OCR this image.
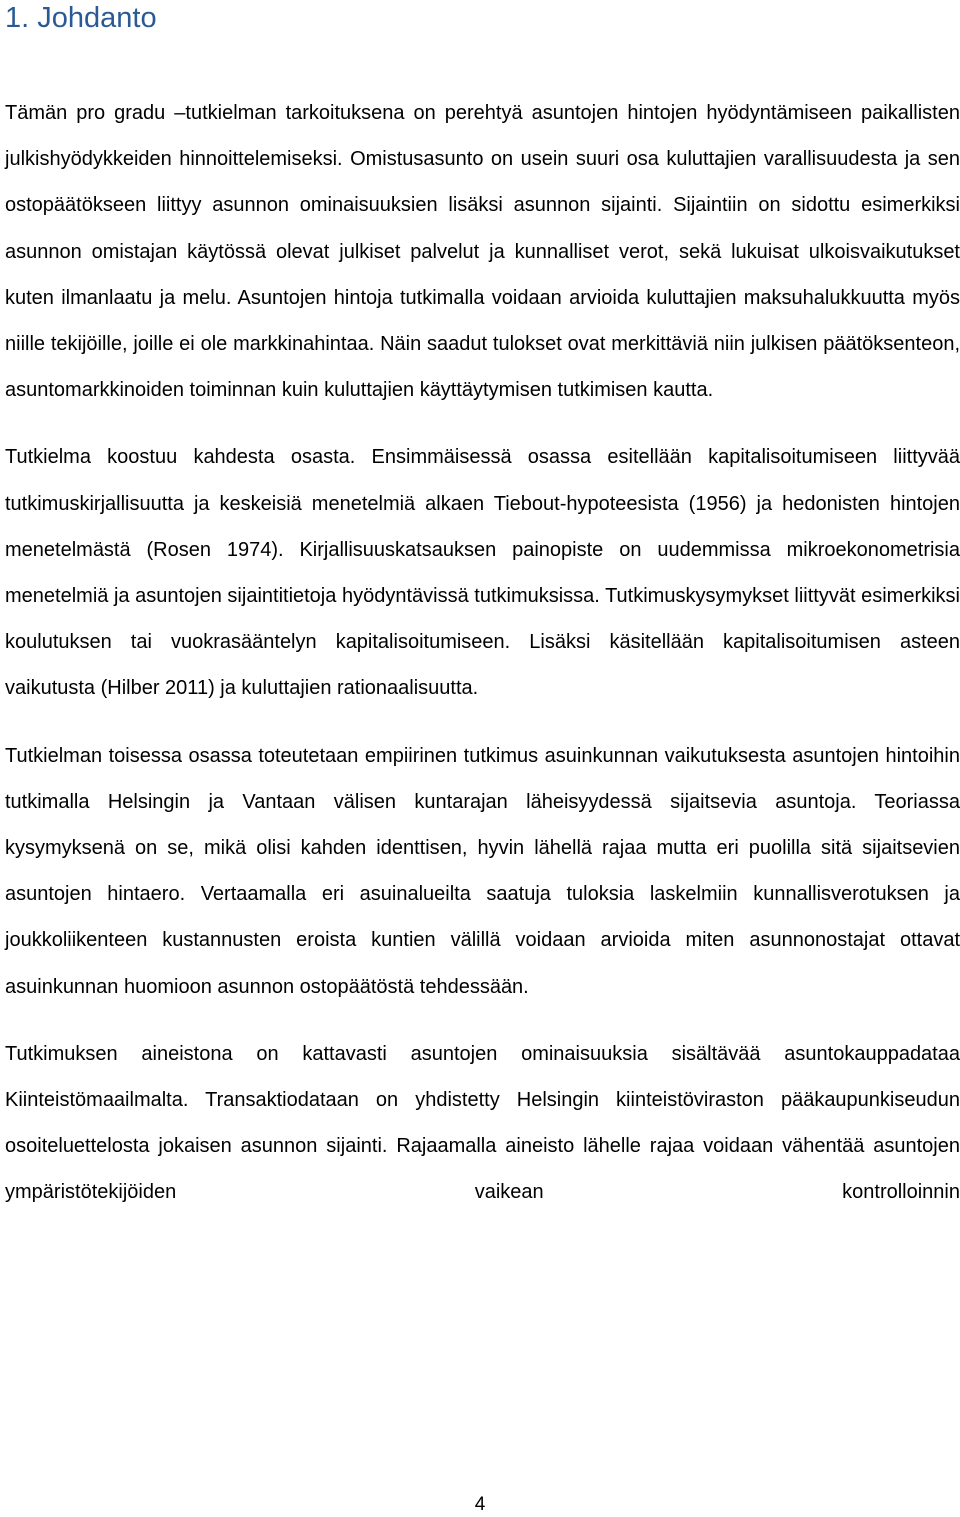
1. Johdanto

Tämän pro gradu –tutkielman tarkoituksena on perehtyä asuntojen hintojen hyödyntämiseen paikallisten julkishyödykkeiden hinnoittelemiseksi. Omistusasunto on usein suuri osa kuluttajien varallisuudesta ja sen ostopäätökseen liittyy asunnon ominaisuuksien lisäksi asunnon sijainti. Sijaintiin on sidottu esimerkiksi asunnon omistajan käytössä olevat julkiset palvelut ja kunnalliset verot, sekä lukuisat ulkoisvaikutukset kuten ilmanlaatu ja melu. Asuntojen hintoja tutkimalla voidaan arvioida kuluttajien maksuhalukkuutta myös niille tekijöille, joille ei ole markkinahintaa. Näin saadut tulokset ovat merkittäviä niin julkisen päätöksenteon, asuntomarkkinoiden toiminnan kuin kuluttajien käyttäytymisen tutkimisen kautta.

Tutkielma koostuu kahdesta osasta. Ensimmäisessä osassa esitellään kapitalisoitumiseen liittyvää tutkimuskirjallisuutta ja keskeisiä menetelmiä alkaen Tiebout-hypoteesista (1956) ja hedonisten hintojen menetelmästä (Rosen 1974). Kirjallisuuskatsauksen painopiste on uudemmissa mikroekonometrisia menetelmiä ja asuntojen sijaintitietoja hyödyntävissä tutkimuksissa. Tutkimuskysymykset liittyvät esimerkiksi koulutuksen tai vuokrasääntelyn kapitalisoitumiseen. Lisäksi käsitellään kapitalisoitumisen asteen vaikutusta (Hilber 2011) ja kuluttajien rationaalisuutta.

Tutkielman toisessa osassa toteutetaan empiirinen tutkimus asuinkunnan vaikutuksesta asuntojen hintoihin tutkimalla Helsingin ja Vantaan välisen kuntarajan läheisyydessä sijaitsevia asuntoja. Teoriassa kysymyksenä on se, mikä olisi kahden identtisen, hyvin lähellä rajaa mutta eri puolilla sitä sijaitsevien asuntojen hintaero. Vertaamalla eri asuinalueilta saatuja tuloksia laskelmiin kunnallisverotuksen ja joukkoliikenteen kustannusten eroista kuntien välillä voidaan arvioida miten asunnonostajat ottavat asuinkunnan huomioon asunnon ostopäätöstä tehdessään.

Tutkimuksen aineistona on kattavasti asuntojen ominaisuuksia sisältävää asuntokauppadataa Kiinteistömaailmalta. Transaktiodataan on yhdistetty Helsingin kiinteistöviraston pääkaupunkiseudun osoiteluettelosta jokaisen asunnon sijainti. Rajaamalla aineisto lähelle rajaa voidaan vähentää asuntojen ympäristötekijöiden vaikean kontrolloinnin

4
